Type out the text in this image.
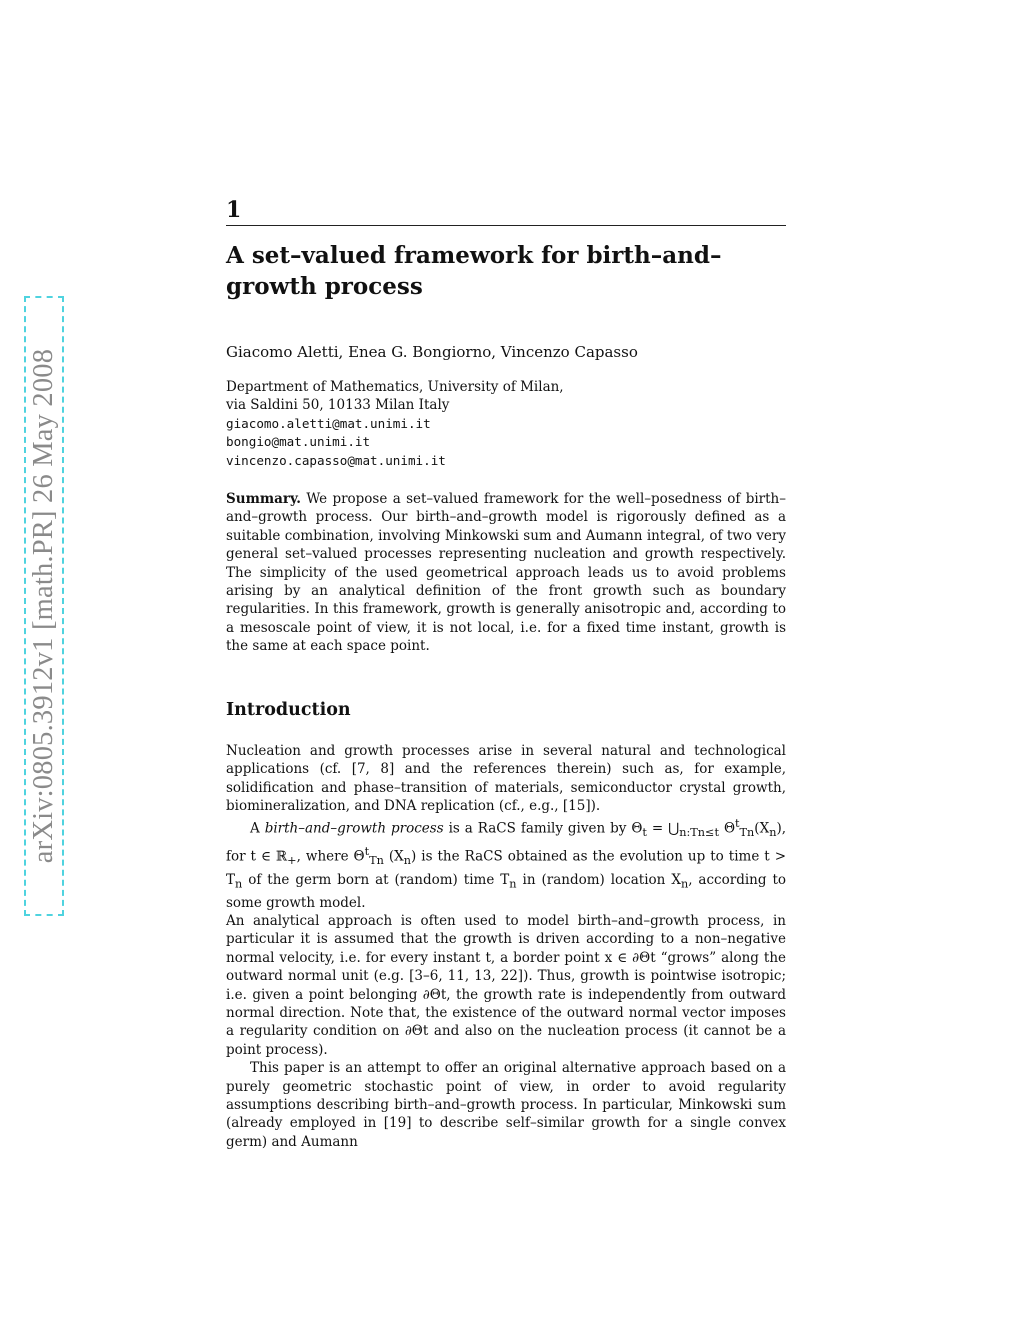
arXiv:0805.3912v1 [math.PR] 26 May 2008
1
A set–valued framework for birth–and–growth process
Giacomo Aletti, Enea G. Bongiorno, Vincenzo Capasso
Department of Mathematics, University of Milan,
via Saldini 50, 10133 Milan Italy
giacomo.aletti@mat.unimi.it
bongio@mat.unimi.it
vincenzo.capasso@mat.unimi.it
Summary. We propose a set–valued framework for the well–posedness of birth–and–growth process. Our birth–and–growth model is rigorously defined as a suitable combination, involving Minkowski sum and Aumann integral, of two very general set–valued processes representing nucleation and growth respectively. The simplicity of the used geometrical approach leads us to avoid problems arising by an analytical definition of the front growth such as boundary regularities. In this framework, growth is generally anisotropic and, according to a mesoscale point of view, it is not local, i.e. for a fixed time instant, growth is the same at each space point.
Introduction

Nucleation and growth processes arise in several natural and technological applications (cf. [7, 8] and the references therein) such as, for example, solidification and phase–transition of materials, semiconductor crystal growth, biomineralization, and DNA replication (cf., e.g., [15]).

A birth–and–growth process is a RaCS family given by $\Theta_t$ = $⋃_{n:Tn\le t}$ $\Theta^t_{Tn}(X_n)$, for t ∈ ℝ$_+$, where $\Theta^t_{Tn}$ $(X_n)$ is the RaCS obtained as the evolution up to time $t > T_n$ of the germ born at (random) time $T_n$ in (random) location $X_n$, according to some growth model.

An analytical approach is often used to model birth–and–growth process, in particular it is assumed that the growth is driven according to a non–negative normal velocity, i.e. for every instant t, a border point x ∈ ∂Θt “grows” along the outward normal unit (e.g. [3–6, 11, 13, 22]). Thus, growth is pointwise isotropic; i.e. given a point belonging ∂Θt, the growth rate is independently from outward normal direction. Note that, the existence of the outward normal vector imposes a regularity condition on ∂Θt and also on the nucleation process (it cannot be a point process).

This paper is an attempt to offer an original alternative approach based on a purely geometric stochastic point of view, in order to avoid regularity assumptions describing birth–and–growth process. In particular, Minkowski sum (already employed in [19] to describe self–similar growth for a single convex germ) and Aumann
